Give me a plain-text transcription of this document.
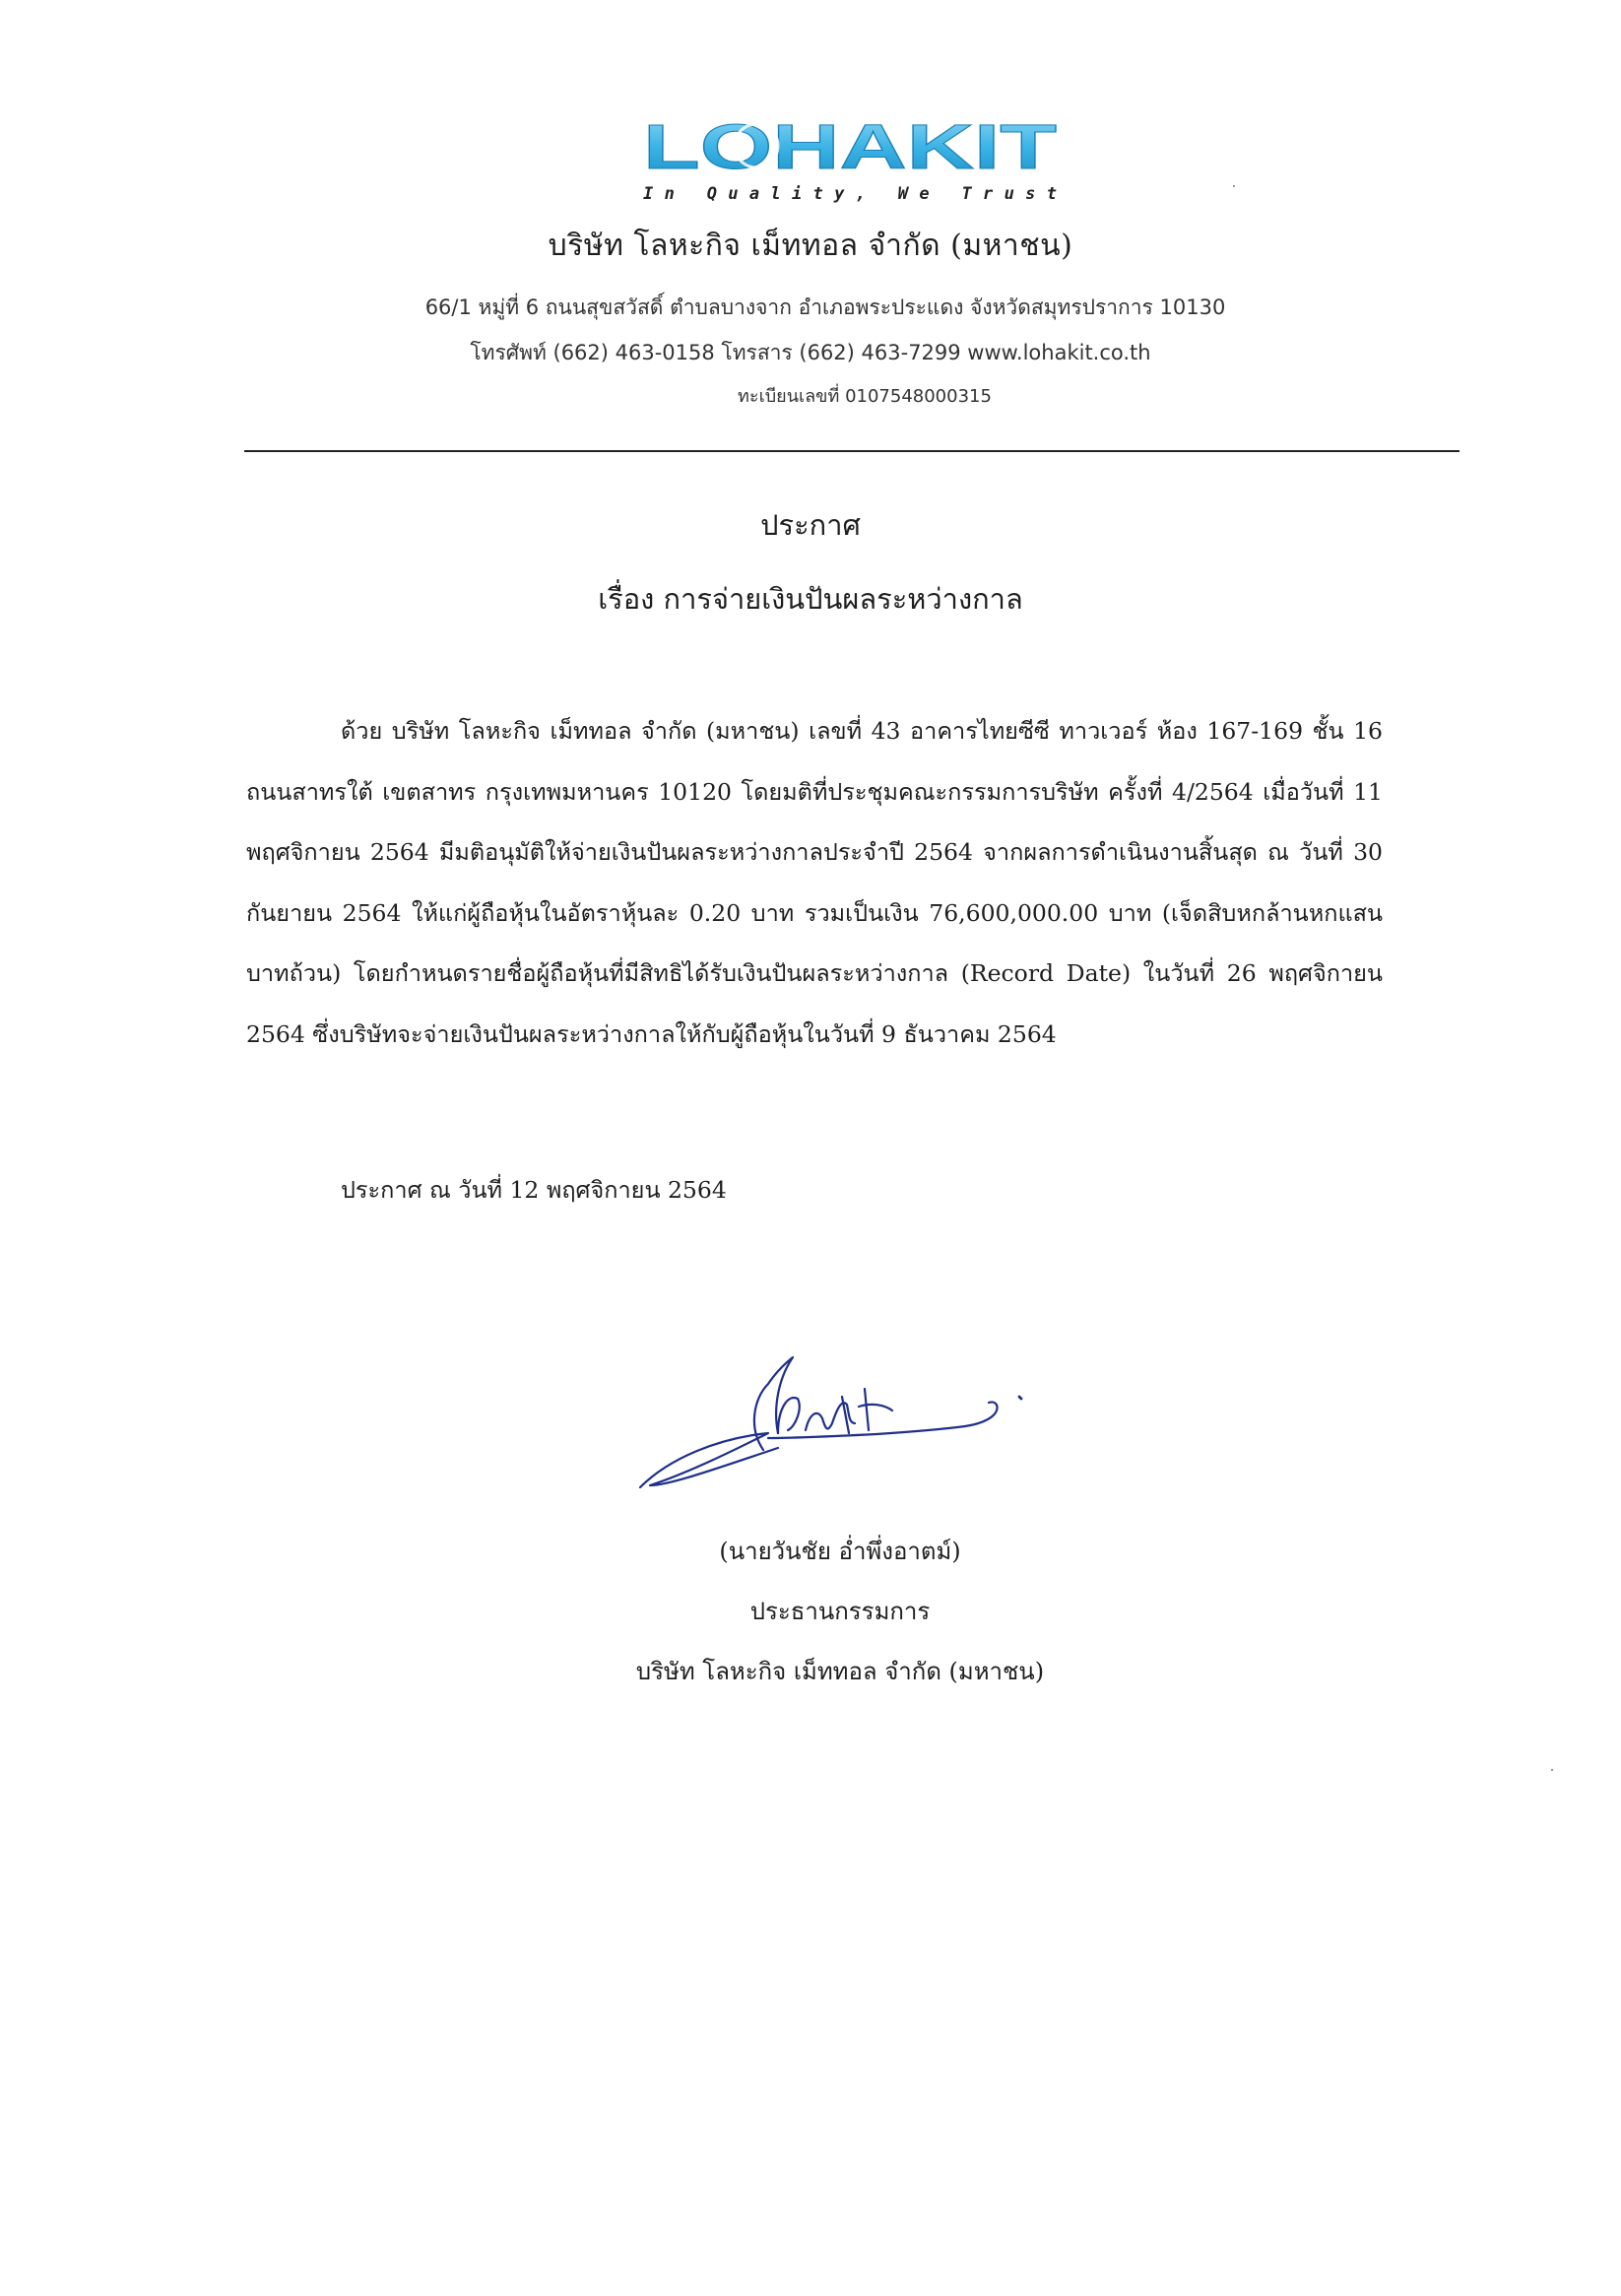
LOHAKIT
In Quality, We Trust
บริษัท โลหะกิจ เม็ททอล จำกัด (มหาชน)
66/1 หมู่ที่ 6 ถนนสุขสวัสดิ์ ตำบลบางจาก อำเภอพระประแดง จังหวัดสมุทรปราการ 10130
โทรศัพท์ (662) 463-0158 โทรสาร (662) 463-7299 www.lohakit.co.th
ทะเบียนเลขที่ 0107548000315
ประกาศ
เรื่อง การจ่ายเงินปันผลระหว่างกาล
ด้วย บริษัท โลหะกิจ เม็ททอล จำกัด (มหาชน) เลขที่ 43 อาคารไทยซีซี ทาวเวอร์ ห้อง 167-169 ชั้น 16 ถนนสาทรใต้ เขตสาทร กรุงเทพมหานคร 10120 โดยมติที่ประชุมคณะกรรมการบริษัท ครั้งที่ 4/2564 เมื่อวันที่ 11 พฤศจิกายน 2564 มีมติอนุมัติให้จ่ายเงินปันผลระหว่างกาลประจำปี 2564 จากผลการดำเนินงานสิ้นสุด ณ วันที่ 30 กันยายน 2564 ให้แก่ผู้ถือหุ้นในอัตราหุ้นละ 0.20 บาท รวมเป็นเงิน 76,600,000.00 บาท (เจ็ดสิบหกล้านหกแสนบาทถ้วน) โดยกำหนดรายชื่อผู้ถือหุ้นที่มีสิทธิได้รับเงินปันผลระหว่างกาล (Record Date) ในวันที่ 26 พฤศจิกายน 2564 ซึ่งบริษัทจะจ่ายเงินปันผลระหว่างกาลให้กับผู้ถือหุ้นในวันที่ 9 ธันวาคม 2564
ประกาศ ณ วันที่ 12 พฤศจิกายน 2564
(นายวันชัย อ่ำพึ่งอาตม์)
ประธานกรรมการ
บริษัท โลหะกิจ เม็ททอล จำกัด (มหาชน)
